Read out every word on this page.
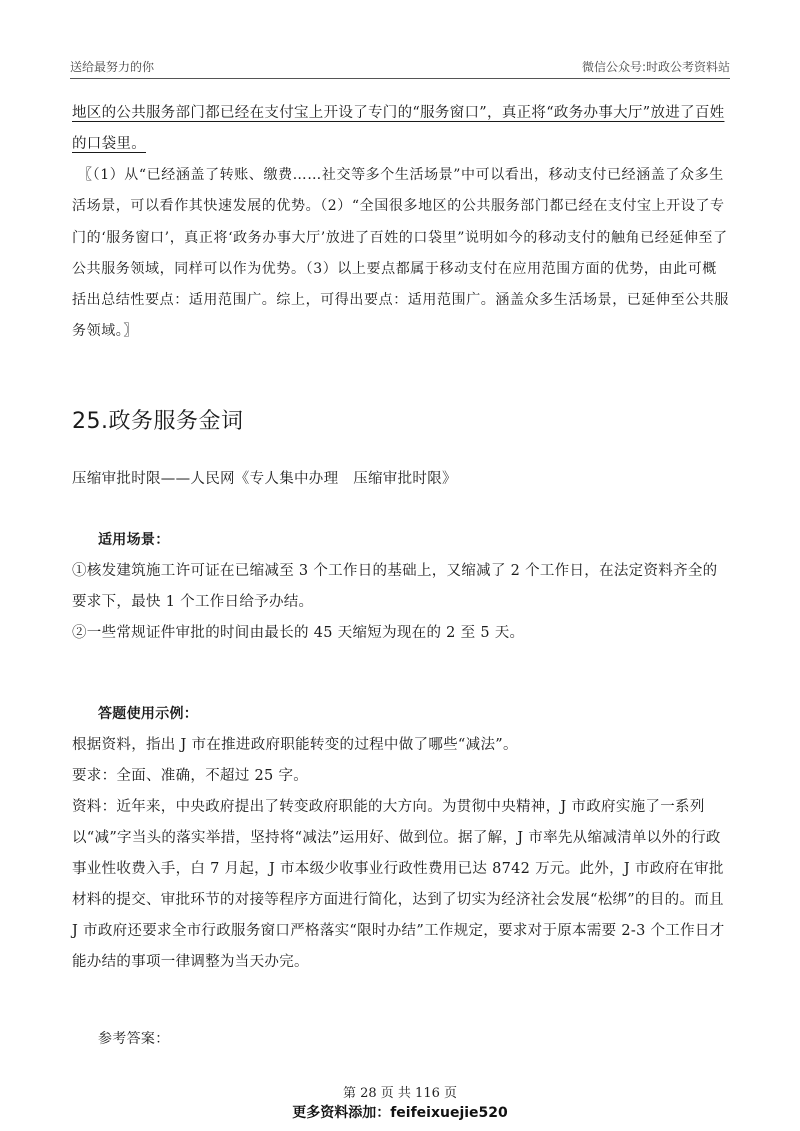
送给最努力的你	微信公众号:时政公考资料站
地区的公共服务部门都已经在支付宝上开设了专门的“服务窗口”，真正将“政务办事大厅”放进了百姓
的口袋里。

〖（1）从“已经涵盖了转账、缴费……社交等多个生活场景”中可以看出，移动支付已经涵盖了众多生活场景，可以看作其快速发展的优势。（2）“全国很多地区的公共服务部门都已经在支付宝上开设了专门的‘服务窗口’，真正将‘政务办事大厅’放进了百姓的口袋里”说明如今的移动支付的触角已经延伸至了公共服务领域，同样可以作为优势。（3）以上要点都属于移动支付在应用范围方面的优势，由此可概括出总结性要点：适用范围广。综上，可得出要点：适用范围广。涵盖众多生活场景，已延伸至公共服务领域。〗

25.政务服务金词
压缩审批时限——人民网《专人集中办理　压缩审批时限》
适用场景：

①核发建筑施工许可证在已缩减至 3 个工作日的基础上，又缩减了 2 个工作日，在法定资料齐全的要求下，最快 1 个工作日给予办结。

②一些常规证件审批的时间由最长的 45 天缩短为现在的 2 至 5 天。

答题使用示例：

根据资料，指出 J 市在推进政府职能转变的过程中做了哪些“减法”。

要求：全面、准确，不超过 25 字。

资料：近年来，中央政府提出了转变政府职能的大方向。为贯彻中央精神，J 市政府实施了一系列以“减”字当头的落实举措，坚持将“减法”运用好、做到位。据了解，J 市率先从缩减清单以外的行政事业性收费入手，白 7 月起，J 市本级少收事业行政性费用已达 8742 万元。此外，J 市政府在审批材料的提交、审批环节的对接等程序方面进行简化，达到了切实为经济社会发展“松绑”的目的。而且 J 市政府还要求全市行政服务窗口严格落实“限时办结”工作规定，要求对于原本需要 2-3 个工作日才能办结的事项一律调整为当天办完。

参考答案：
第 28 页 共 116 页
更多资料添加：feifeixuejie520
